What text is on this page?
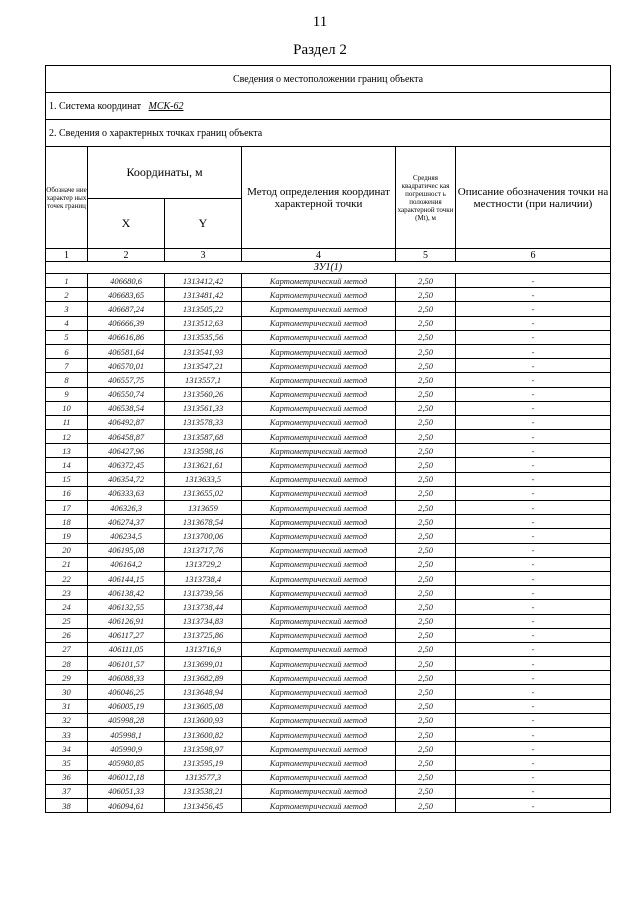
11
Раздел 2
Сведения о местоположении границ объекта					
1. Система координат МСК-62					
2. Сведения о характерных точках границ объекта					
Обозначе ние характер ных точек границ	Координаты, м		Метод определения координат характерной точки	Средняя квадратичес кая погрешност ь положения характерной точки (Mt), м	Описание обозначения точки на местности (при наличии)
	X	Y			
1	2	3	4	5	6
ЗУ1(1)					
1	406680,6	1313412,42	Картометрический метод	2,50	-
2	406683,65	1313481,42	Картометрический метод	2,50	-
3	406687,24	1313505,22	Картометрический метод	2,50	-
4	406666,39	1313512,63	Картометрический метод	2,50	-
5	406616,86	1313535,56	Картометрический метод	2,50	-
6	406581,64	1313541,93	Картометрический метод	2,50	-
7	406570,01	1313547,21	Картометрический метод	2,50	-
8	406557,75	1313557,1	Картометрический метод	2,50	-
9	406550,74	1313560,26	Картометрический метод	2,50	-
10	406538,54	1313561,33	Картометрический метод	2,50	-
11	406492,87	1313578,33	Картометрический метод	2,50	-
12	406458,87	1313587,68	Картометрический метод	2,50	-
13	406427,96	1313598,16	Картометрический метод	2,50	-
14	406372,45	1313621,61	Картометрический метод	2,50	-
15	406354,72	1313633,5	Картометрический метод	2,50	-
16	406333,63	1313655,02	Картометрический метод	2,50	-
17	406326,3	1313659	Картометрический метод	2,50	-
18	406274,37	1313678,54	Картометрический метод	2,50	-
19	406234,5	1313700,06	Картометрический метод	2,50	-
20	406195,08	1313717,76	Картометрический метод	2,50	-
21	406164,2	1313729,2	Картометрический метод	2,50	-
22	406144,15	1313738,4	Картометрический метод	2,50	-
23	406138,42	1313739,56	Картометрический метод	2,50	-
24	406132,55	1313738,44	Картометрический метод	2,50	-
25	406126,91	1313734,83	Картометрический метод	2,50	-
26	406117,27	1313725,86	Картометрический метод	2,50	-
27	406111,05	1313716,9	Картометрический метод	2,50	-
28	406101,57	1313699,01	Картометрический метод	2,50	-
29	406088,33	1313682,89	Картометрический метод	2,50	-
30	406046,25	1313648,94	Картометрический метод	2,50	-
31	406005,19	1313605,08	Картометрический метод	2,50	-
32	405998,28	1313600,93	Картометрический метод	2,50	-
33	405998,1	1313600,82	Картометрический метод	2,50	-
34	405990,9	1313598,97	Картометрический метод	2,50	-
35	405980,85	1313595,19	Картометрический метод	2,50	-
36	406012,18	1313577,3	Картометрический метод	2,50	-
37	406051,33	1313538,21	Картометрический метод	2,50	-
38	406094,61	1313456,45	Картометрический метод	2,50	-
